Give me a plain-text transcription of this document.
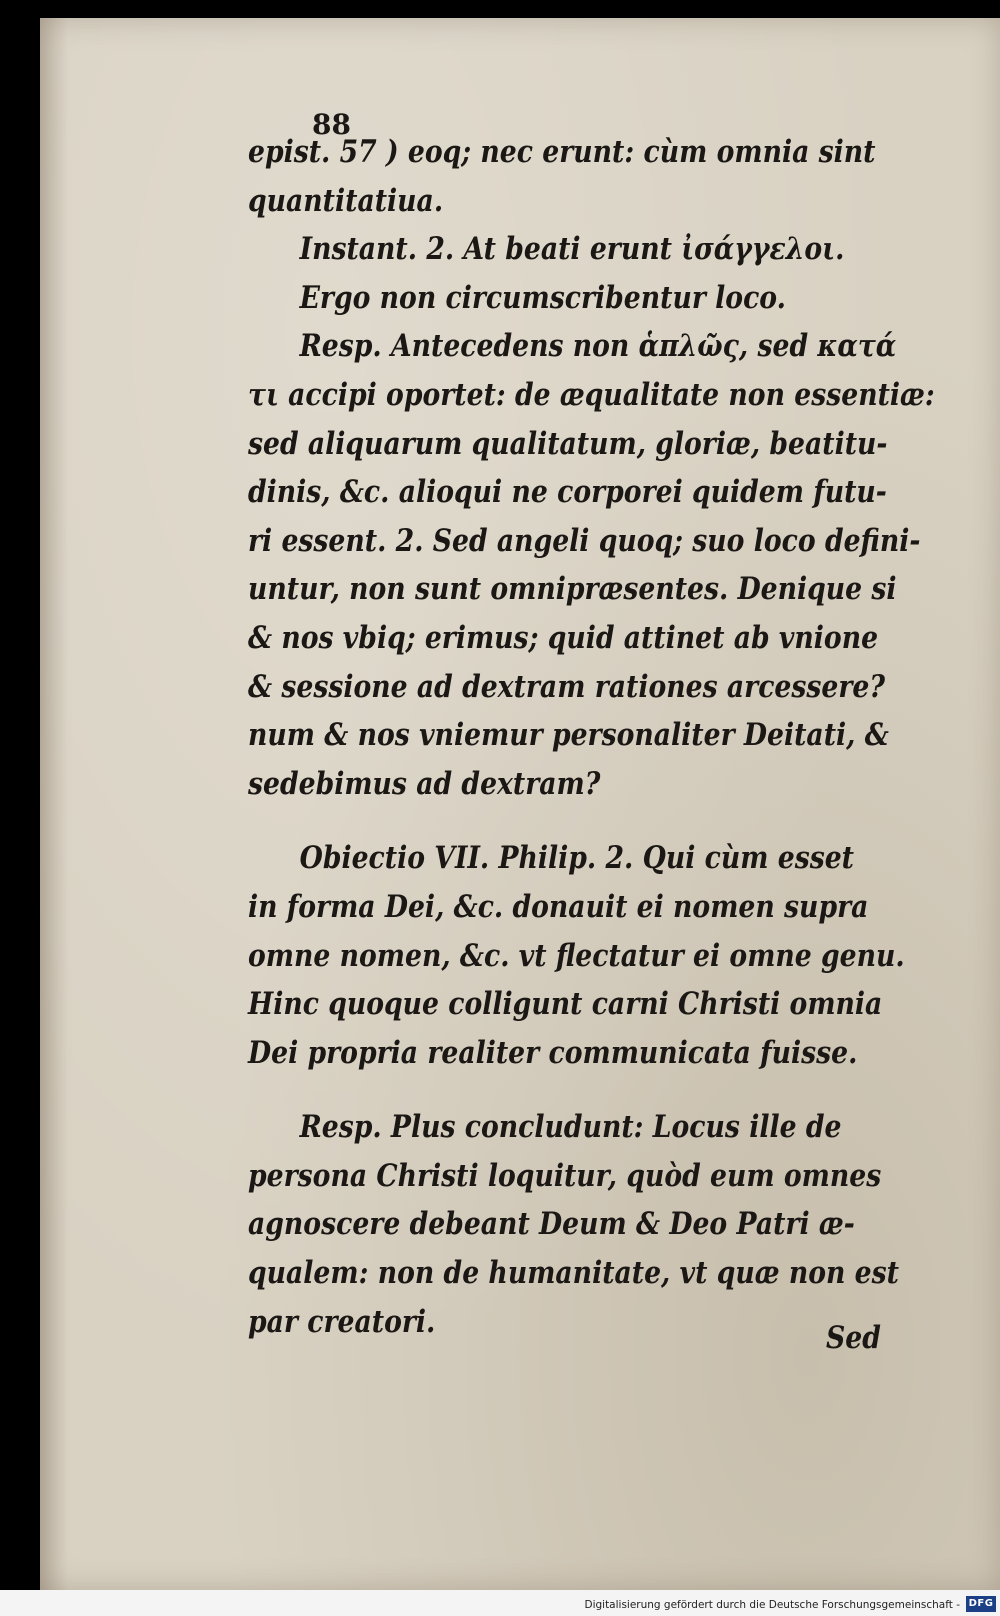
88
epist. 57 ) eoq; nec erunt: cùm omnia sint
quantitatiua.
Instant. 2. At beati erunt ἰσάγγελοι.
Ergo non circumscribentur loco.
Resp. Antecedens non ἁπλῶς, sed κατά
τι accipi oportet: de æqualitate non essentiæ:
sed aliquarum qualitatum, gloriæ, beatitu-
dinis, &c. alioqui ne corporei quidem futu-
ri essent. 2. Sed angeli quoq; suo loco defini-
untur, non sunt omnipræsentes. Denique si
& nos vbiq; erimus; quid attinet ab vnione
& sessione ad dextram rationes arcessere?
num & nos vniemur personaliter Deitati, &
sedebimus ad dextram?
Obiectio VII. Philip. 2. Qui cùm esset
in forma Dei, &c. donauit ei nomen supra
omne nomen, &c. vt flectatur ei omne genu.
Hinc quoque colligunt carni Christi omnia
Dei propria realiter communicata fuisse.
Resp. Plus concludunt: Locus ille de
persona Christi loquitur, quòd eum omnes
agnoscere debeant Deum & Deo Patri æ-
qualem: non de humanitate, vt quæ non est
par creatori.	Sed
Digitalisierung gefördert durch die Deutsche Forschungsgemeinschaft - DFG
